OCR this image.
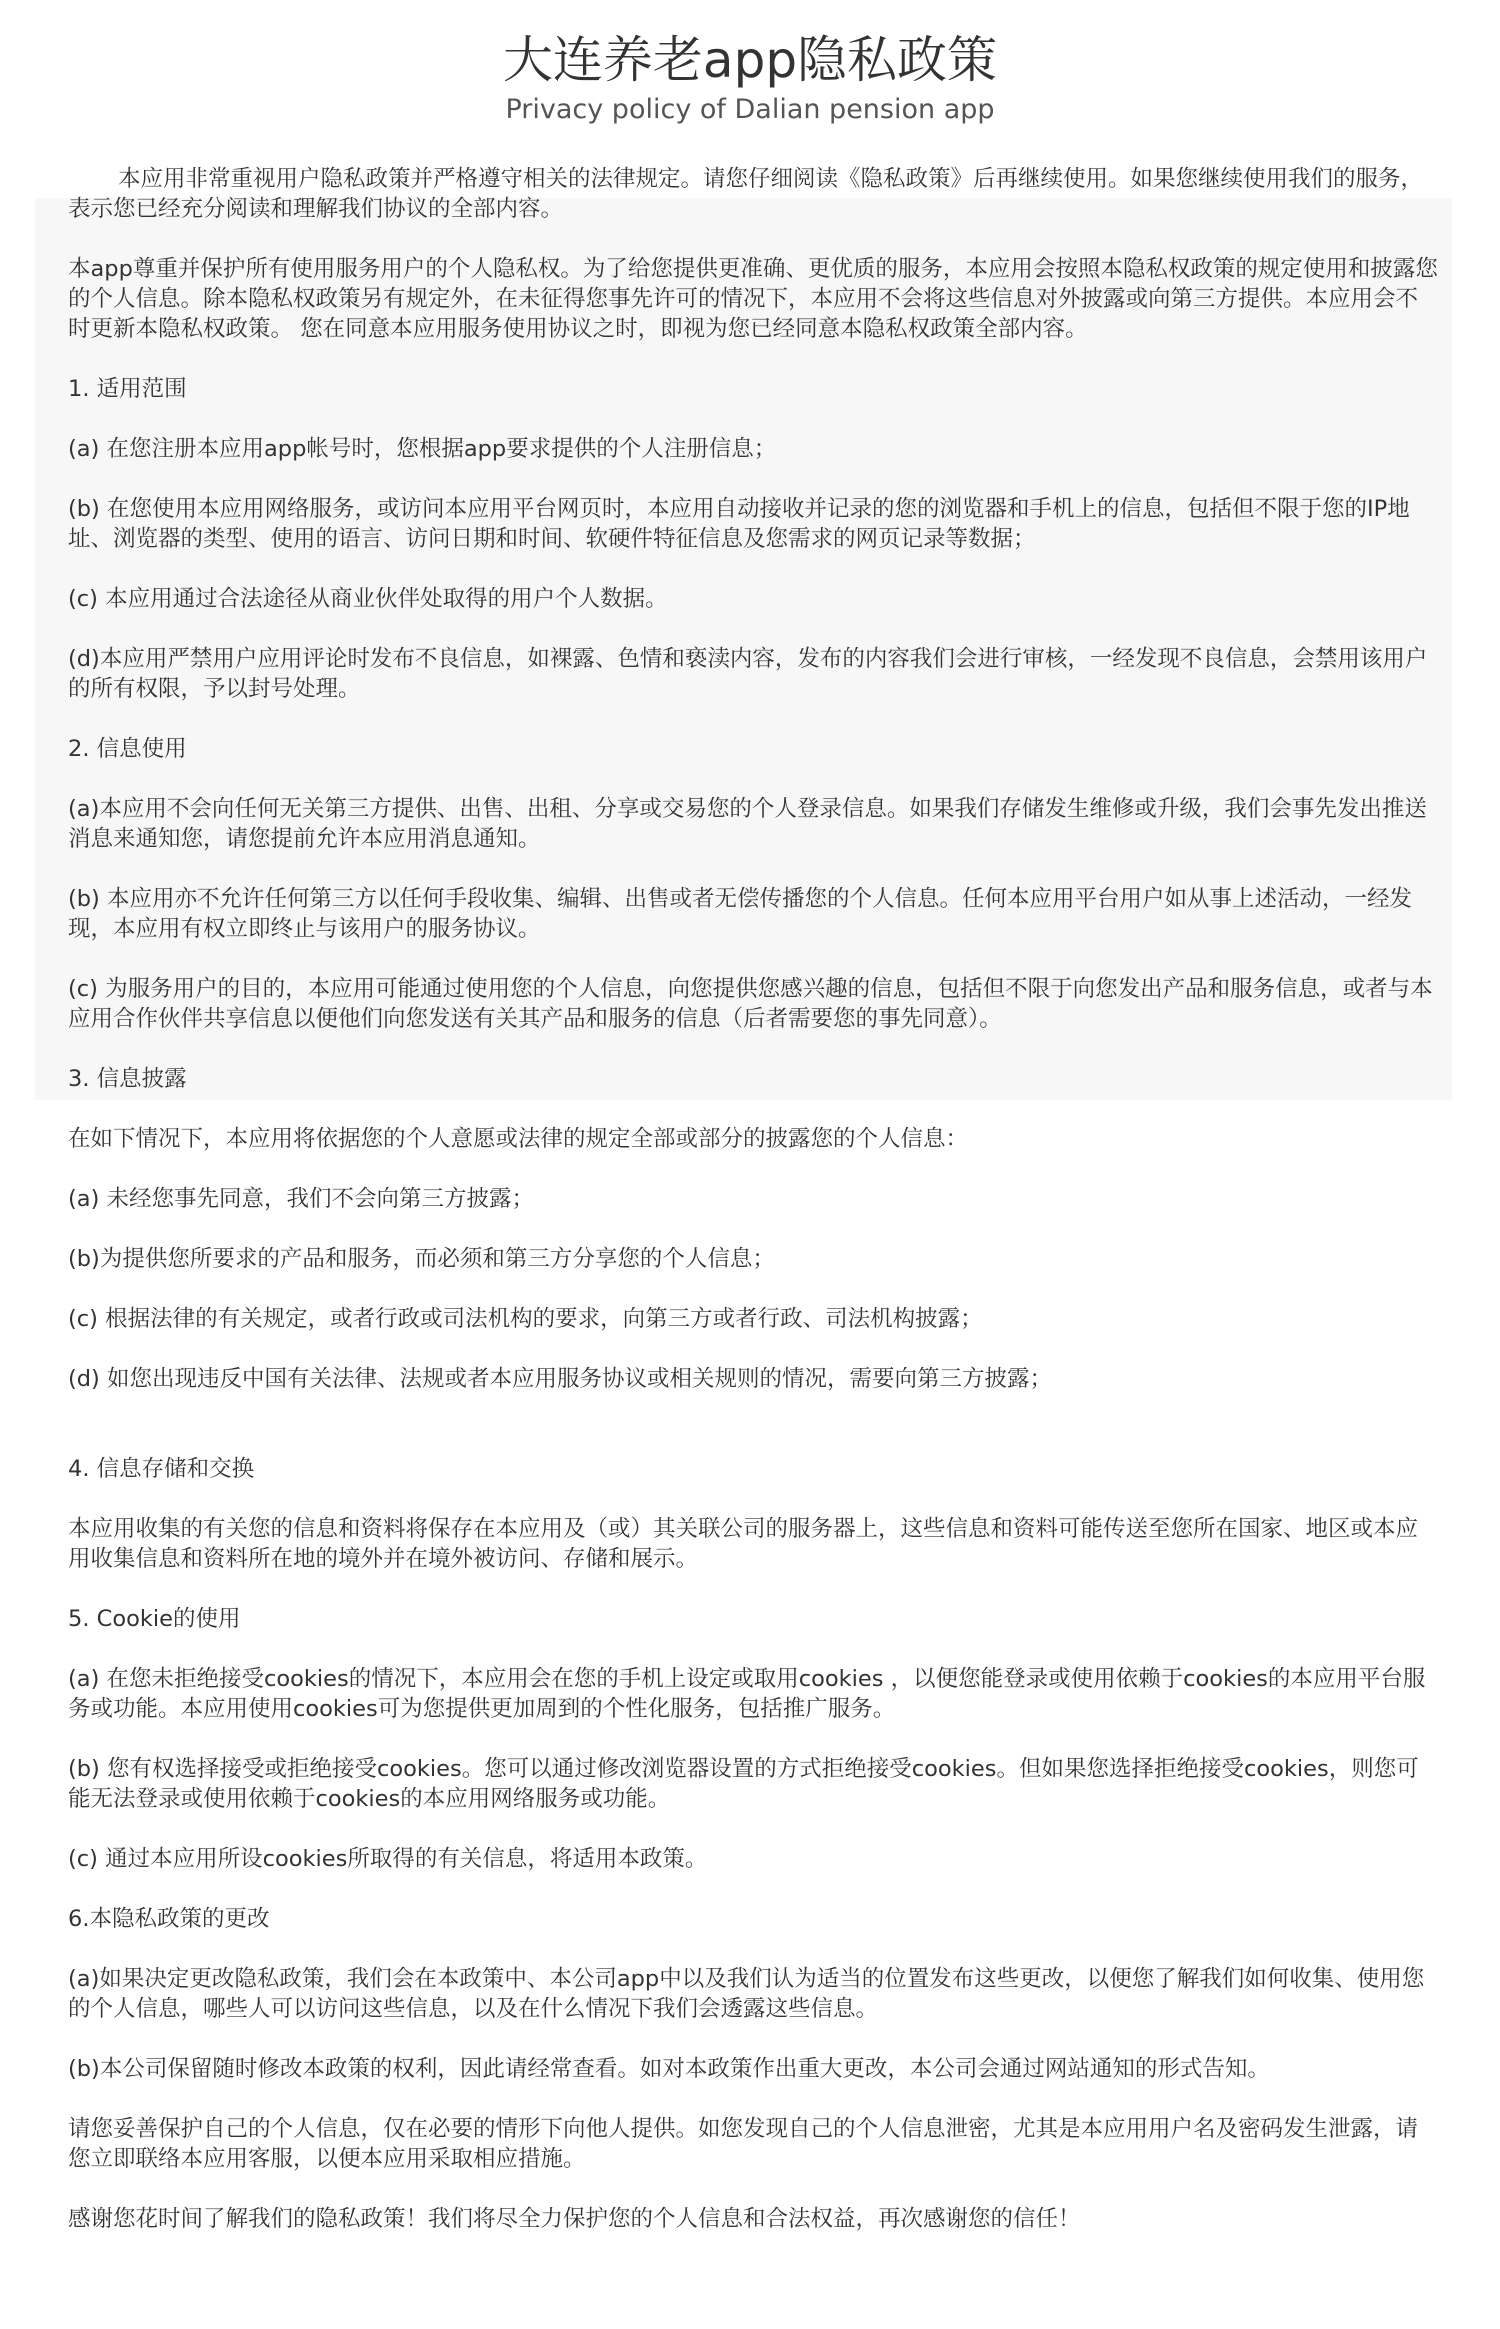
大连养老app隐私政策
Privacy policy of Dalian pension app

本应用非常重视用户隐私政策并严格遵守相关的法律规定。请您仔细阅读《隐私政策》后再继续使用。如果您继续使用我们的服务，表示您已经充分阅读和理解我们协议的全部内容。

本app尊重并保护所有使用服务用户的个人隐私权。为了给您提供更准确、更优质的服务，本应用会按照本隐私权政策的规定使用和披露您的个人信息。除本隐私权政策另有规定外，在未征得您事先许可的情况下，本应用不会将这些信息对外披露或向第三方提供。本应用会不时更新本隐私权政策。 您在同意本应用服务使用协议之时，即视为您已经同意本隐私权政策全部内容。

1. 适用范围

(a) 在您注册本应用app帐号时，您根据app要求提供的个人注册信息；

(b) 在您使用本应用网络服务，或访问本应用平台网页时，本应用自动接收并记录的您的浏览器和手机上的信息，包括但不限于您的IP地址、浏览器的类型、使用的语言、访问日期和时间、软硬件特征信息及您需求的网页记录等数据；

(c) 本应用通过合法途径从商业伙伴处取得的用户个人数据。

(d)本应用严禁用户应用评论时发布不良信息，如裸露、色情和亵渎内容，发布的内容我们会进行审核，一经发现不良信息，会禁用该用户的所有权限，予以封号处理。

2. 信息使用

(a)本应用不会向任何无关第三方提供、出售、出租、分享或交易您的个人登录信息。如果我们存储发生维修或升级，我们会事先发出推送消息来通知您，请您提前允许本应用消息通知。

(b) 本应用亦不允许任何第三方以任何手段收集、编辑、出售或者无偿传播您的个人信息。任何本应用平台用户如从事上述活动，一经发现，本应用有权立即终止与该用户的服务协议。

(c) 为服务用户的目的，本应用可能通过使用您的个人信息，向您提供您感兴趣的信息，包括但不限于向您发出产品和服务信息，或者与本应用合作伙伴共享信息以便他们向您发送有关其产品和服务的信息（后者需要您的事先同意）。

3. 信息披露

在如下情况下，本应用将依据您的个人意愿或法律的规定全部或部分的披露您的个人信息：

(a) 未经您事先同意，我们不会向第三方披露；

(b)为提供您所要求的产品和服务，而必须和第三方分享您的个人信息；

(c) 根据法律的有关规定，或者行政或司法机构的要求，向第三方或者行政、司法机构披露；

(d) 如您出现违反中国有关法律、法规或者本应用服务协议或相关规则的情况，需要向第三方披露；

4. 信息存储和交换

本应用收集的有关您的信息和资料将保存在本应用及（或）其关联公司的服务器上，这些信息和资料可能传送至您所在国家、地区或本应用收集信息和资料所在地的境外并在境外被访问、存储和展示。

5. Cookie的使用

(a) 在您未拒绝接受cookies的情况下，本应用会在您的手机上设定或取用cookies ，以便您能登录或使用依赖于cookies的本应用平台服务或功能。本应用使用cookies可为您提供更加周到的个性化服务，包括推广服务。

(b) 您有权选择接受或拒绝接受cookies。您可以通过修改浏览器设置的方式拒绝接受cookies。但如果您选择拒绝接受cookies，则您可能无法登录或使用依赖于cookies的本应用网络服务或功能。

(c) 通过本应用所设cookies所取得的有关信息，将适用本政策。

6.本隐私政策的更改

(a)如果决定更改隐私政策，我们会在本政策中、本公司app中以及我们认为适当的位置发布这些更改，以便您了解我们如何收集、使用您的个人信息，哪些人可以访问这些信息，以及在什么情况下我们会透露这些信息。

(b)本公司保留随时修改本政策的权利，因此请经常查看。如对本政策作出重大更改，本公司会通过网站通知的形式告知。

请您妥善保护自己的个人信息，仅在必要的情形下向他人提供。如您发现自己的个人信息泄密，尤其是本应用用户名及密码发生泄露，请您立即联络本应用客服，以便本应用采取相应措施。

感谢您花时间了解我们的隐私政策！我们将尽全力保护您的个人信息和合法权益，再次感谢您的信任！
